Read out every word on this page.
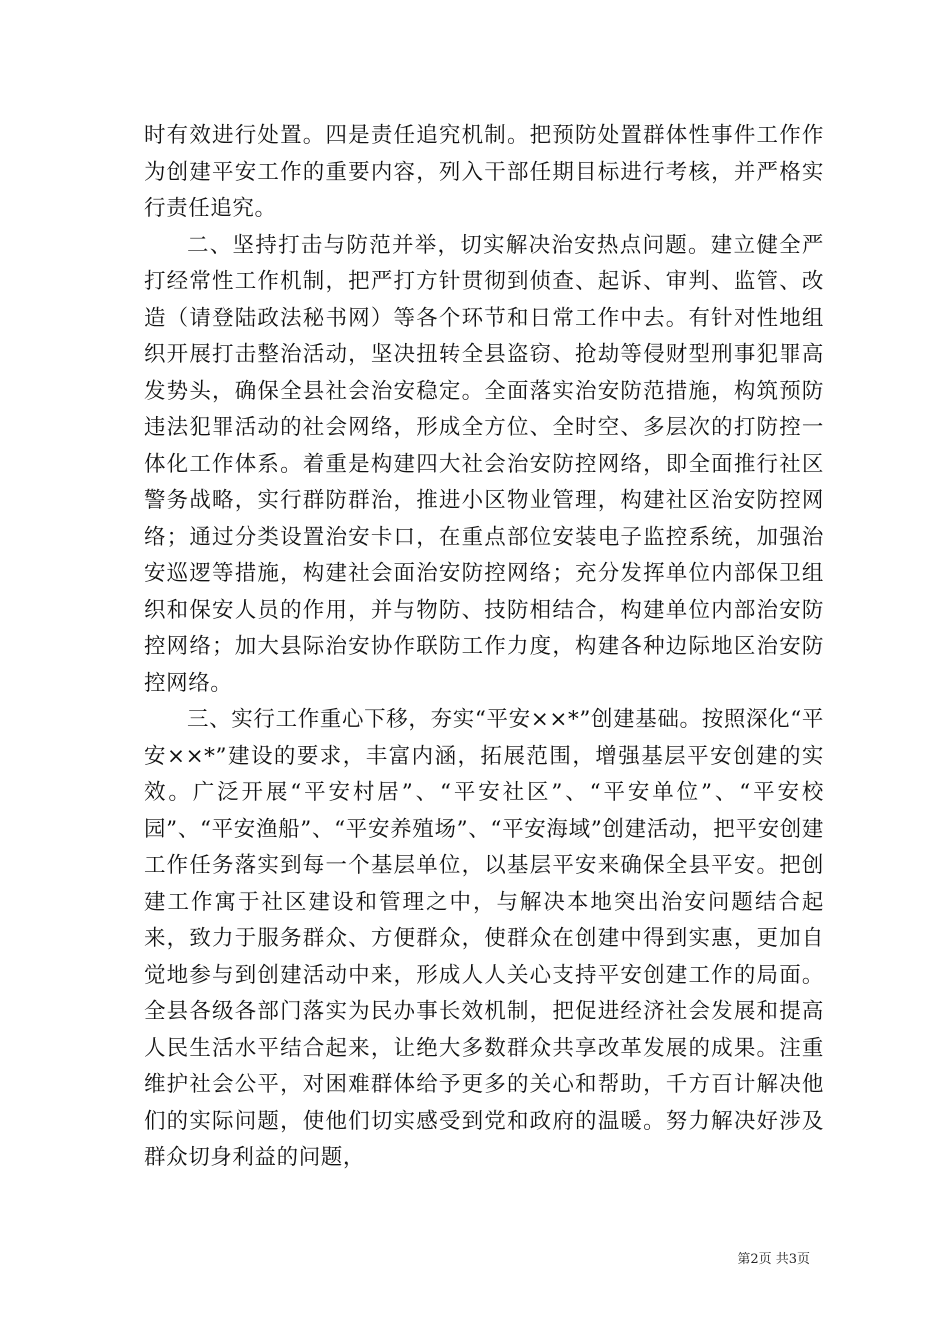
时有效进行处置。四是责任追究机制。把预防处置群体性事件工作作为创建平安工作的重要内容，列入干部任期目标进行考核，并严格实行责任追究。

二、坚持打击与防范并举，切实解决治安热点问题。建立健全严打经常性工作机制，把严打方针贯彻到侦查、起诉、审判、监管、改造（请登陆政法秘书网）等各个环节和日常工作中去。有针对性地组织开展打击整治活动，坚决扭转全县盗窃、抢劫等侵财型刑事犯罪高发势头，确保全县社会治安稳定。全面落实治安防范措施，构筑预防违法犯罪活动的社会网络，形成全方位、全时空、多层次的打防控一体化工作体系。着重是构建四大社会治安防控网络，即全面推行社区警务战略，实行群防群治，推进小区物业管理，构建社区治安防控网络；通过分类设置治安卡口，在重点部位安装电子监控系统，加强治安巡逻等措施，构建社会面治安防控网络；充分发挥单位内部保卫组织和保安人员的作用，并与物防、技防相结合，构建单位内部治安防控网络；加大县际治安协作联防工作力度，构建各种边际地区治安防控网络。

三、实行工作重心下移，夯实“平安××*”创建基础。按照深化“平安××*”建设的要求，丰富内涵，拓展范围，增强基层平安创建的实效。广泛开展“平安村居”、“平安社区”、“平安单位”、“平安校园”、“平安渔船”、“平安养殖场”、“平安海域”创建活动，把平安创建工作任务落实到每一个基层单位，以基层平安来确保全县平安。把创建工作寓于社区建设和管理之中，与解决本地突出治安问题结合起来，致力于服务群众、方便群众，使群众在创建中得到实惠，更加自觉地参与到创建活动中来，形成人人关心支持平安创建工作的局面。全县各级各部门落实为民办事长效机制，把促进经济社会发展和提高人民生活水平结合起来，让绝大多数群众共享改革发展的成果。注重维护社会公平，对困难群体给予更多的关心和帮助，千方百计解决他们的实际问题，使他们切实感受到党和政府的温暖。努力解决好涉及群众切身利益的问题，

第2页 共3页
